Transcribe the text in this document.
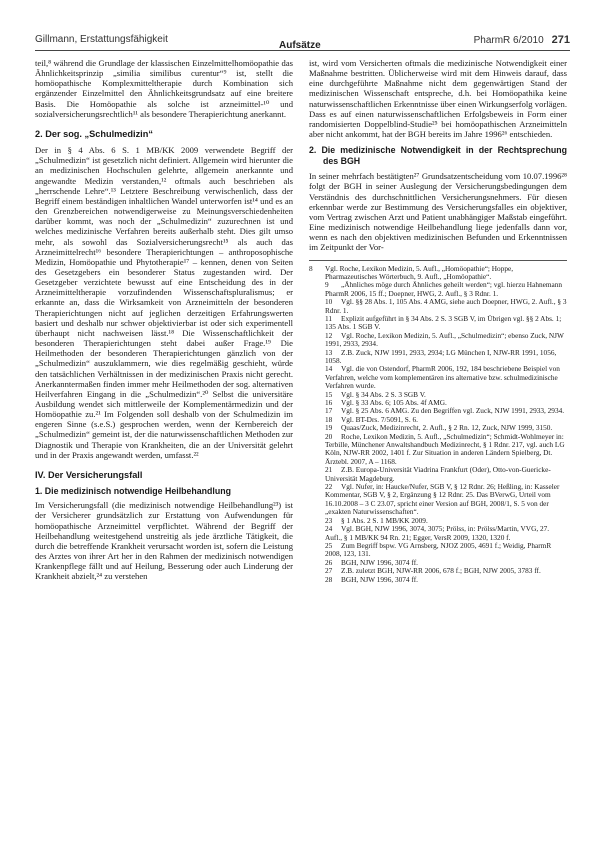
Gillmann, Erstattungsfähigkeit
Aufsätze	PharmR 6/2010 271

teil,⁸ während die Grundlage der klassischen Einzelmittelhomöopathie das Ähnlichkeitsprinzip „similia similibus curentur“⁹ ist, stellt die homöopathische Komplexmitteltherapie durch Kombination sich ergänzender Einzelmittel den Ähnlichkeitsgrundsatz auf eine breitere Basis. Die Homöopathie als solche ist arzneimittel-¹⁰ und sozialversicherungsrechtlich¹¹ als besondere Therapierichtung anerkannt.

2. Der sog. „Schulmedizin“

Der in § 4 Abs. 6 S. 1 MB/KK 2009 verwendete Begriff der „Schulmedizin“ ist gesetzlich nicht definiert. Allgemein wird hierunter die an medizinischen Hochschulen gelehrte, allgemein anerkannte und angewandte Medizin verstanden,¹² oftmals auch beschrieben als „herrschende Lehre“.¹³ Letztere Beschreibung verwischenlich, dass der Begriff einem beständigen inhaltlichen Wandel unterworfen ist¹⁴ und es an den Grenzbereichen notwendigerweise zu Meinungsverschiedenheiten darüber kommt, was noch der „Schulmedizin“ zuzurechnen ist und welches medizinische Verfahren bereits außerhalb steht. Dies gilt umso mehr, als sowohl das Sozialversicherungsrecht¹⁵ als auch das Arzneimittelrecht¹⁶ besondere Therapierichtungen – anthroposophische Medizin, Homöopathie und Phytotherapie¹⁷ – kennen, denen von Seiten des Gesetzgebers ein besonderer Status zugestanden wird. Der Gesetzgeber verzichtete bewusst auf eine Entscheidung des in der Arzneimitteltherapie vorzufindenden Wissenschaftspluralismus; er erkannte an, dass die Wirksamkeit von Arzneimitteln der besonderen Therapierichtungen nicht auf jeglichen derzeitigen Erfahrungswerten basiert und deshalb nur schwer objektivierbar ist oder sich experimentell überhaupt nicht nachweisen lässt.¹⁸ Die Wissenschaftlichkeit der besonderen Therapierichtungen steht dabei außer Frage.¹⁹ Die Heilmethoden der besonderen Therapierichtungen gänzlich von der „Schulmedizin“ auszuklammern, wie dies regelmäßig geschieht, würde den tatsächlichen Verhältnissen in der medizinischen Praxis nicht gerecht. Anerkanntermaßen finden immer mehr Heilmethoden der sog. alternativen Heilverfahren Eingang in die „Schulmedizin“.²⁰ Selbst die universitäre Ausbildung wendet sich mittlerweile der Komplementärmedizin und der Homöopathie zu.²¹ Im Folgenden soll deshalb von der Schulmedizin im engeren Sinne (s.e.S.) gesprochen werden, wenn der Kernbereich der „Schulmedizin“ gemeint ist, der die naturwissenschaftlichen Methoden zur Diagnostik und Therapie von Krankheiten, die an der Universität gelehrt und in der Praxis angewandt werden, umfasst.²²

IV. Der Versicherungsfall
1. Die medizinisch notwendige Heilbehandlung

Im Versicherungsfall (die medizinisch notwendige Heilbehandlung²³) ist der Versicherer grundsätzlich zur Erstattung von Aufwendungen für homöopathische Arzneimittel verpflichtet. Während der Begriff der Heilbehandlung weitestgehend unstreitig als jede ärztliche Tätigkeit, die durch die betreffende Krankheit verursacht worden ist, sofern die Leistung des Arztes von ihrer Art her in den Rahmen der medizinisch notwendigen Krankenpflege fällt und auf Heilung, Besserung oder auch Linderung der Krankheit abzielt,²⁴ zu verstehen

ist, wird vom Versicherten oftmals die medizinische Notwendigkeit einer Maßnahme bestritten. Üblicherweise wird mit dem Hinweis darauf, dass eine durchgeführte Maßnahme nicht dem gegenwärtigen Stand der medizinischen Wissenschaft entspreche, d.h. bei Homöopathika keine naturwissenschaftlichen Erkenntnisse über einen Wirkungserfolg vorlägen. Dass es auf einen naturwissenschaftlichen Erfolgsbeweis in Form einer randomisierten Doppelblind-Studie²⁵ bei homöopathischen Arzneimitteln aber nicht ankommt, hat der BGH bereits im Jahre 1996²⁶ entschieden.

2. Die medizinische Notwendigkeit in der Rechtsprechung des BGH

In seiner mehrfach bestätigten²⁷ Grundsatzentscheidung vom 10.07.1996²⁸ folgt der BGH in seiner Auslegung der Versicherungsbedingungen dem Verständnis des durchschnittlichen Versicherungsnehmers. Für diesen erkennbar werde zur Bestimmung des Versicherungsfalles ein objektiver, vom Vertrag zwischen Arzt und Patient unabhängiger Maßstab eingeführt. Eine medizinisch notwendige Heilbehandlung liege jedenfalls dann vor, wenn es nach den objektiven medizinischen Befunden und Erkenntnissen im Zeitpunkt der Vor-

8 Vgl. Roche, Lexikon Medizin, 5. Aufl., „Homöopathie“; Hoppe, Pharmazeutisches Wörterbuch, 9. Aufl., „Homöopathie“.

9 „Ähnliches möge durch Ähnliches geheilt werden“; vgl. hierzu Hahnemann PharmR 2006, 15 ff.; Doepner, HWG, 2. Aufl., § 3 Rdnr. 1.

10 Vgl. §§ 28 Abs. 1, 105 Abs. 4 AMG, siehe auch Doepner, HWG, 2. Aufl., § 3 Rdnr. 1.

11 Explizit aufgeführt in § 34 Abs. 2 S. 3 SGB V, im Übrigen vgl. §§ 2 Abs. 1; 135 Abs. 1 SGB V.

12 Vgl. Roche, Lexikon Medizin, 5. Aufl., „Schulmedizin“; ebenso Zuck, NJW 1991, 2933, 2934.

13 Z.B. Zuck, NJW 1991, 2933, 2934; LG München I, NJW-RR 1991, 1056, 1058.

14 Vgl. die von Ostendorf, PharmR 2006, 192, 184 beschriebene Beispiel von Verfahren, welche vom komplementären ins alternative bzw. schulmedizinische Verfahren wurde.

15 Vgl. § 34 Abs. 2 S. 3 SGB V.

16 Vgl. § 33 Abs. 6; 105 Abs. 4f AMG.

17 Vgl. § 25 Abs. 6 AMG. Zu den Begriffen vgl. Zuck, NJW 1991, 2933, 2934.

18 Vgl. BT-Drs. 7/5091, S. 6.

19 Quaas/Zuck, Medizinrecht, 2. Aufl., § 2 Rn. 12, Zuck, NJW 1999, 3150.

20 Roche, Lexikon Medizin, 5. Aufl., „Schulmedizin“; Schmidt-Wohlmeyer in: Terbille, Münchener Anwaltshandbuch Medizinrecht, § 1 Rdnr. 217, vgl. auch LG Köln, NJW-RR 2002, 1401 f. Zur Situation in anderen Ländern Spielberg, Dt. Ärztebl. 2007, A – 1168.

21 Z.B. Europa-Universität Viadrina Frankfurt (Oder), Otto-von-Guericke-Universität Magdeburg.

22 Vgl. Nufer, in: Haucke/Nufer, SGB V, § 12 Rdnr. 26; Heßling, in: Kasseler Kommentar, SGB V, § 2, Ergänzung § 12 Rdnr. 25. Das BVerwG, Urteil vom 16.10.2008 – 3 C 23.07, spricht einer Version auf BGH, 2008/1, S. 5 von der „exakten Naturwissenschaften“.

23 § 1 Abs. 2 S. 1 MB/KK 2009.

24 Vgl. BGH, NJW 1996, 3074, 3075; Prölss, in: Prölss/Martin, VVG, 27. Aufl., § 1 MB/KK 94 Rn. 21; Egger, VersR 2009, 1320, 1320 f.

25 Zum Begriff bspw. VG Arnsberg, NJOZ 2005, 4691 f.; Weidig, PharmR 2008, 123, 131.

26 BGH, NJW 1996, 3074 ff.

27 Z.B. zuletzt BGH, NJW-RR 2006, 678 f.; BGH, NJW 2005, 3783 ff.

28 BGH, NJW 1996, 3074 ff.
